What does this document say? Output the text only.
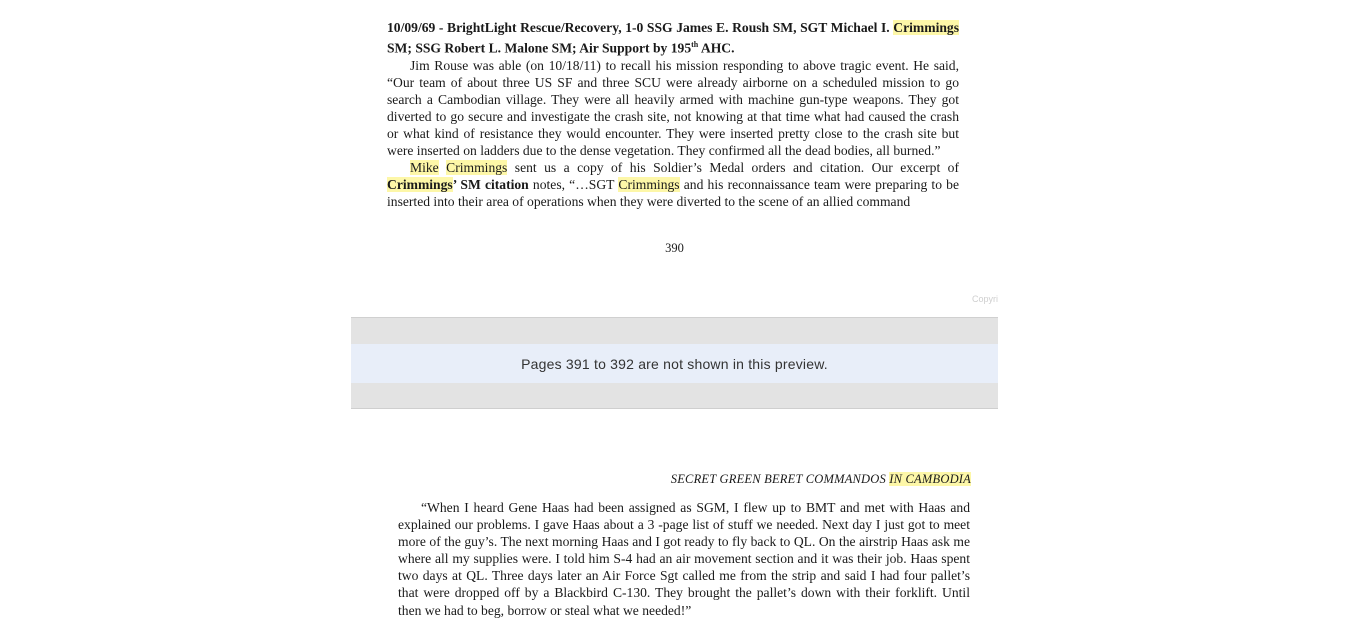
10/09/69 - BrightLight Rescue/Recovery, 1-0 SSG James E. Roush SM, SGT Michael I. Crimmings SM; SSG Robert L. Malone SM; Air Support by 195th AHC.
Jim Rouse was able (on 10/18/11) to recall his mission responding to above tragic event. He said, “Our team of about three US SF and three SCU were already airborne on a scheduled mission to go search a Cambodian village. They were all heavily armed with machine gun-type weapons. They got diverted to go secure and investigate the crash site, not knowing at that time what had caused the crash or what kind of resistance they would encounter. They were inserted pretty close to the crash site but were inserted on ladders due to the dense vegetation. They confirmed all the dead bodies, all burned.”
Mike Crimmings sent us a copy of his Soldier’s Medal orders and citation. Our excerpt of Crimmings’ SM citation notes, “…SGT Crimmings and his reconnaissance team were preparing to be inserted into their area of operations when they were diverted to the scene of an allied command
390
Copyri
Pages 391 to 392 are not shown in this preview.
SECRET GREEN BERET COMMANDOS IN CAMBODIA
“When I heard Gene Haas had been assigned as SGM, I flew up to BMT and met with Haas and explained our problems. I gave Haas about a 3 -page list of stuff we needed. Next day I just got to meet more of the guy’s. The next morning Haas and I got ready to fly back to QL. On the airstrip Haas ask me where all my supplies were. I told him S-4 had an air movement section and it was their job. Haas spent two days at QL. Three days later an Air Force Sgt called me from the strip and said I had four pallet’s that were dropped off by a Blackbird C-130. They brought the pallet’s down with their forklift. Until then we had to beg, borrow or steal what we needed!”
